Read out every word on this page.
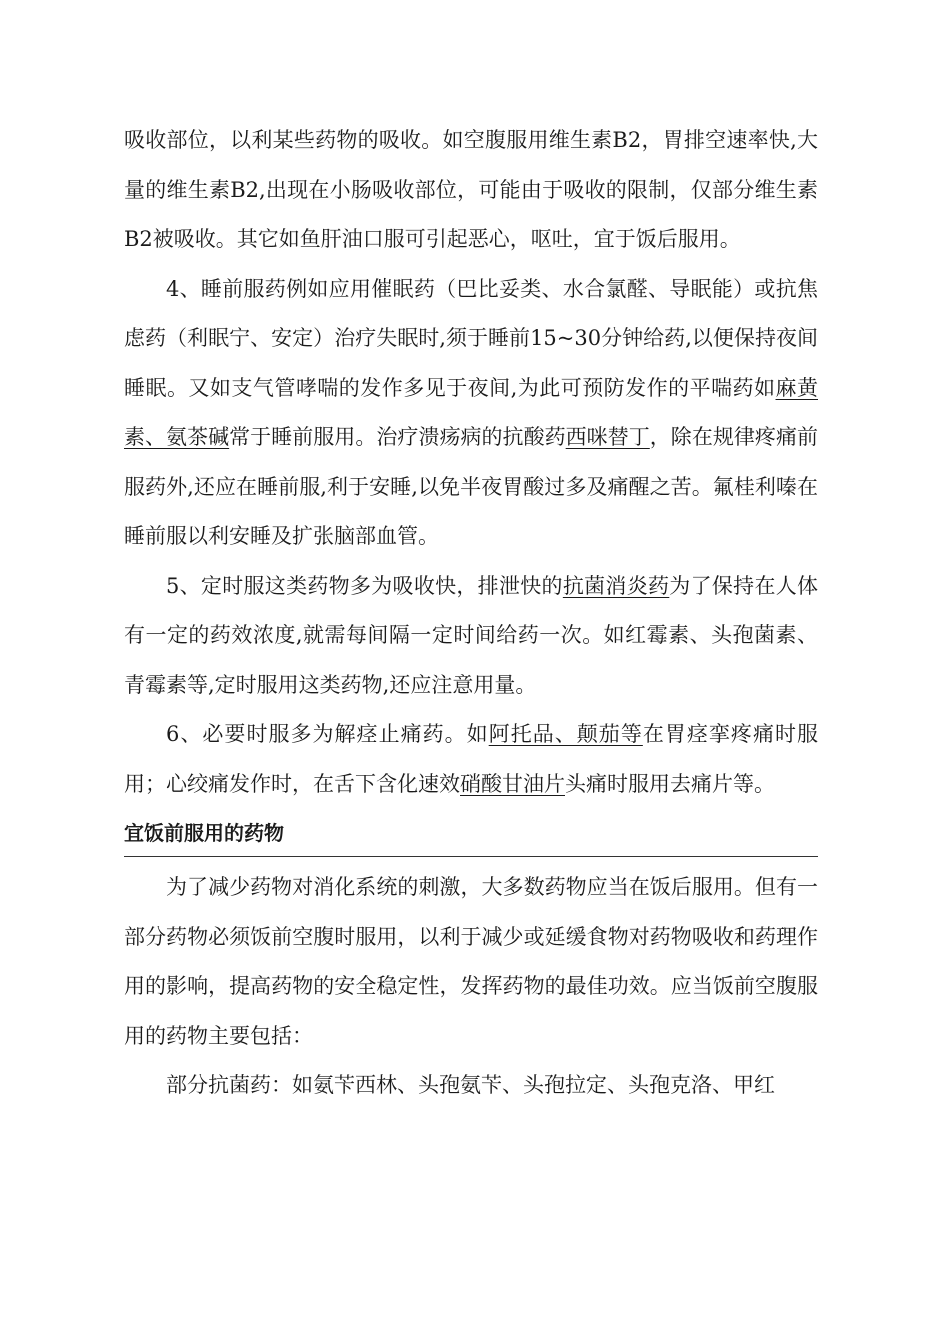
吸收部位，以利某些药物的吸收。如空腹服用维生素B2，胃排空速率快,大量的维生素B2,出现在小肠吸收部位，可能由于吸收的限制，仅部分维生素B2被吸收。其它如鱼肝油口服可引起恶心，呕吐，宜于饭后服用。

4、睡前服药例如应用催眠药（巴比妥类、水合氯醛、导眠能）或抗焦虑药（利眠宁、安定）治疗失眠时,须于睡前15~30分钟给药,以便保持夜间睡眠。又如支气管哮喘的发作多见于夜间,为此可预防发作的平喘药如麻黄素、氨茶碱常于睡前服用。治疗溃疡病的抗酸药西咪替丁，除在规律疼痛前服药外,还应在睡前服,利于安睡,以免半夜胃酸过多及痛醒之苦。氟桂利嗪在睡前服以利安睡及扩张脑部血管。

5、定时服这类药物多为吸收快，排泄快的抗菌消炎药为了保持在人体有一定的药效浓度,就需每间隔一定时间给药一次。如红霉素、头孢菌素、青霉素等,定时服用这类药物,还应注意用量。

6、必要时服多为解痉止痛药。如阿托品、颠茄等在胃痉挛疼痛时服用；心绞痛发作时，在舌下含化速效硝酸甘油片头痛时服用去痛片等。

宜饭前服用的药物

为了减少药物对消化系统的刺激，大多数药物应当在饭后服用。但有一部分药物必须饭前空腹时服用，以利于减少或延缓食物对药物吸收和药理作用的影响，提高药物的安全稳定性，发挥药物的最佳功效。应当饭前空腹服用的药物主要包括：

部分抗菌药：如氨苄西林、头孢氨苄、头孢拉定、头孢克洛、甲红
